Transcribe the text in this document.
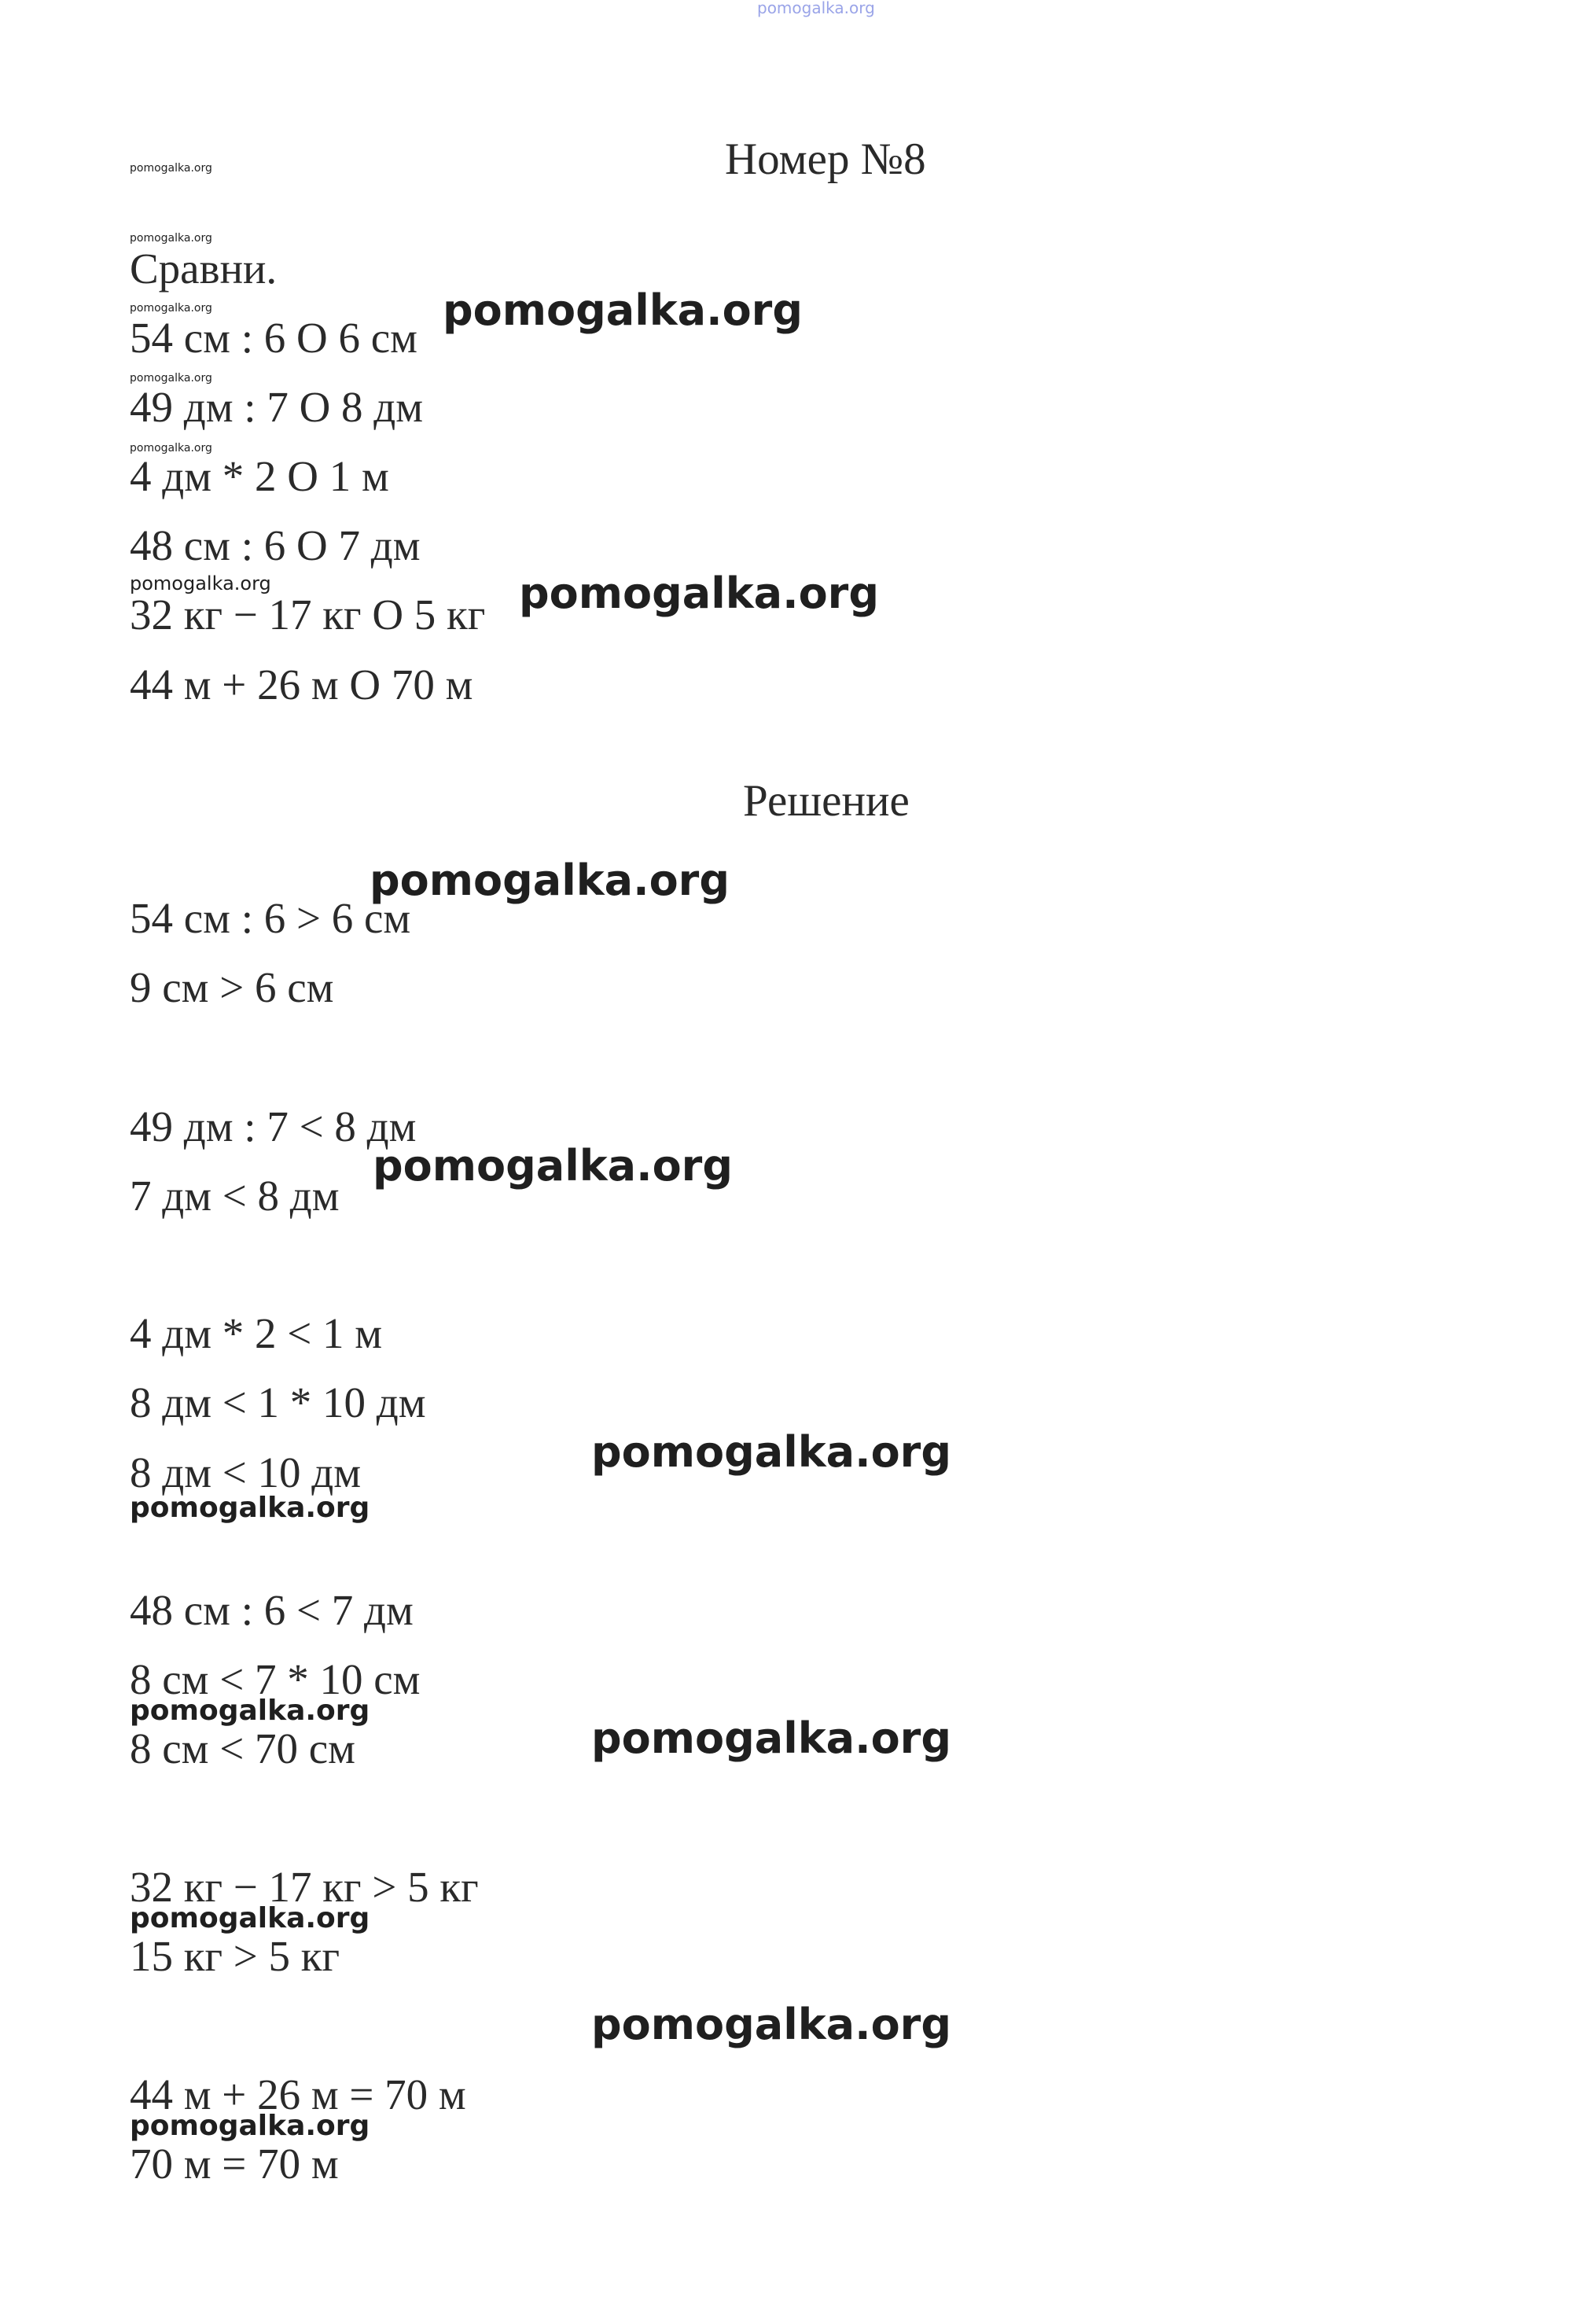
pomogalka.org
pomogalka.org
pomogalka.org
pomogalka.org
pomogalka.org
pomogalka.org
Номер №8
Сравни.
54 см : 6 О 6 см
49 дм : 7 О 8 дм
4 дм * 2 О 1 м
48 см : 6 О 7 дм
32 кг − 17 кг О 5 кг
44 м + 26 м О 70 м
Решение
54 см : 6 > 6 см
9 см > 6 см
49 дм : 7 < 8 дм
7 дм < 8 дм
4 дм * 2 < 1 м
8 дм < 1 * 10 дм
8 дм < 10 дм
48 см : 6 < 7 дм
8 см < 7 * 10 см
8 см < 70 см
32 кг − 17 кг > 5 кг
15 кг > 5 кг
44 м + 26 м = 70 м
70 м = 70 м
pomogalka.org
pomogalka.org
pomogalka.org
pomogalka.org
pomogalka.org
pomogalka.org
pomogalka.org
pomogalka.org
pomogalka.org
pomogalka.org
pomogalka.org
pomogalka.org
